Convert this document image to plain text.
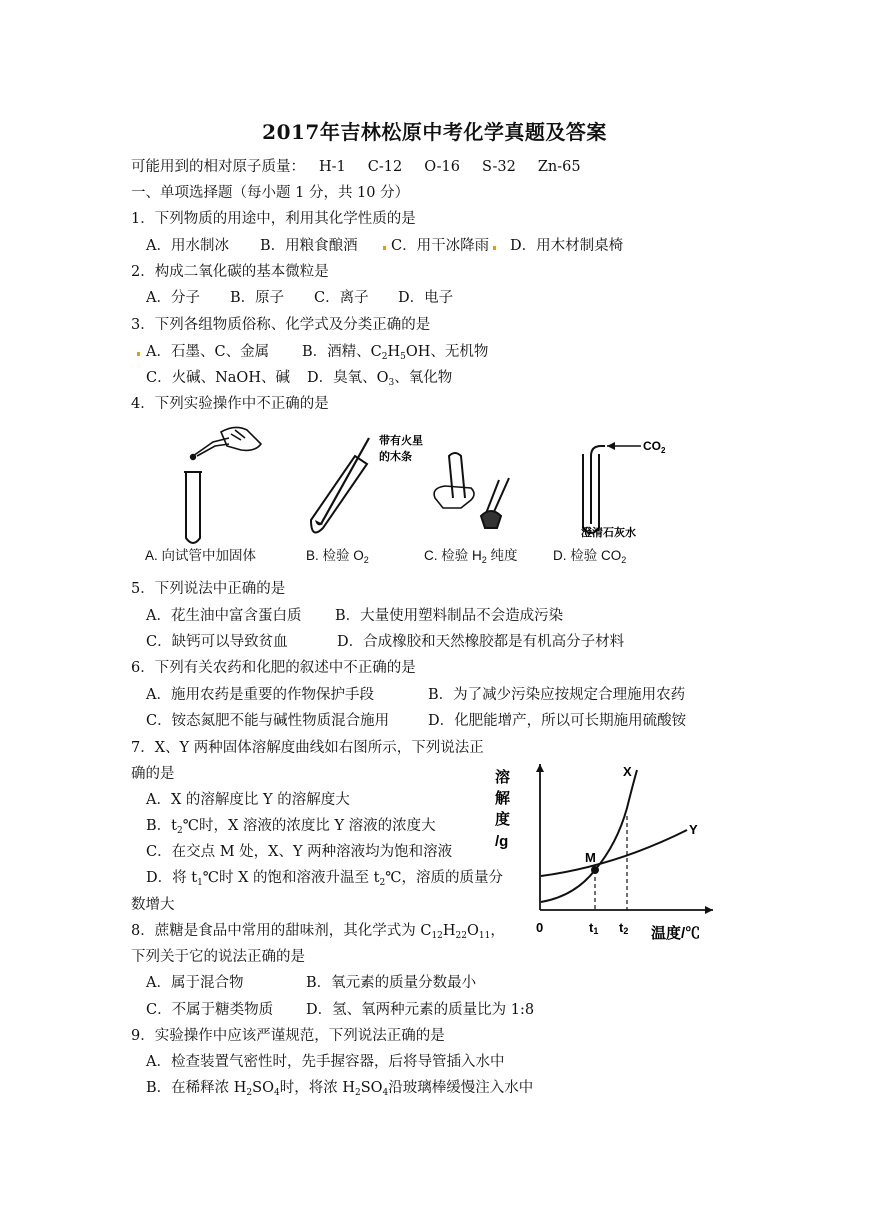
2017年吉林松原中考化学真题及答案
可能用到的相对原子质量： H-1 C-12 O-16 S-32 Zn-65
一、单项选择题（每小题 1 分，共 10 分）
1．下列物质的用途中，利用其化学性质的是
A．用水制冰 B．用粮食酿酒 C．用干冰降雨 D．用木材制桌椅
2．构成二氧化碳的基本微粒是
A．分子 B．原子 C．离子 D．电子
3．下列各组物质俗称、化学式及分类正确的是
A．石墨、C、金属 B．酒精、$C_2H_5OH$、无机物
C．火碱、NaOH、碱 D．臭氧、$O_3$、氧化物
4．下列实验操作中不正确的是
带有火星
的木条
$CO_2$
澄清石灰水
A. 向试管中加固体	B. 检验 $O_2$	C. 检验 $H_2$ 纯度	D. 检验 $CO_2$
5．下列说法中正确的是
A．花生油中富含蛋白质 B．大量使用塑料制品不会造成污染
C．缺钙可以导致贫血	D．合成橡胶和天然橡胶都是有机高分子材料
6．下列有关农药和化肥的叙述中不正确的是
A．施用农药是重要的作物保护手段	B．为了减少污染应按规定合理施用农药
C．铵态氮肥不能与碱性物质混合施用	D．化肥能增产，所以可长期施用硫酸铵
7．X、Y 两种固体溶解度曲线如右图所示，下列说法正
确的是
A．X 的溶解度比 Y 的溶解度大
B．$t_2℃$时，X 溶液的浓度比 Y 溶液的浓度大
C．在交点 M 处，X、Y 两种溶液均为饱和溶液
D．将 $t_1℃$时 X 的饱和溶液升温至 $t_2℃$，溶质的质量分
数增大
溶
解
度
/g
X
Y
M
0	t1 t2 温度/℃
8．蔗糖是食品中常用的甜味剂，其化学式为 $C_{12}H_{22}O_{11}$，
下列关于它的说法正确的是
A．属于混合物	B．氧元素的质量分数最小
C．不属于糖类物质 D．氢、氧两种元素的质量比为 1:8
9．实验操作中应该严谨规范，下列说法正确的是
A．检查装置气密性时，先手握容器，后将导管插入水中
B．在稀释浓 $H_2SO_4$时，将浓 $H_2SO_4$沿玻璃棒缓慢注入水中
